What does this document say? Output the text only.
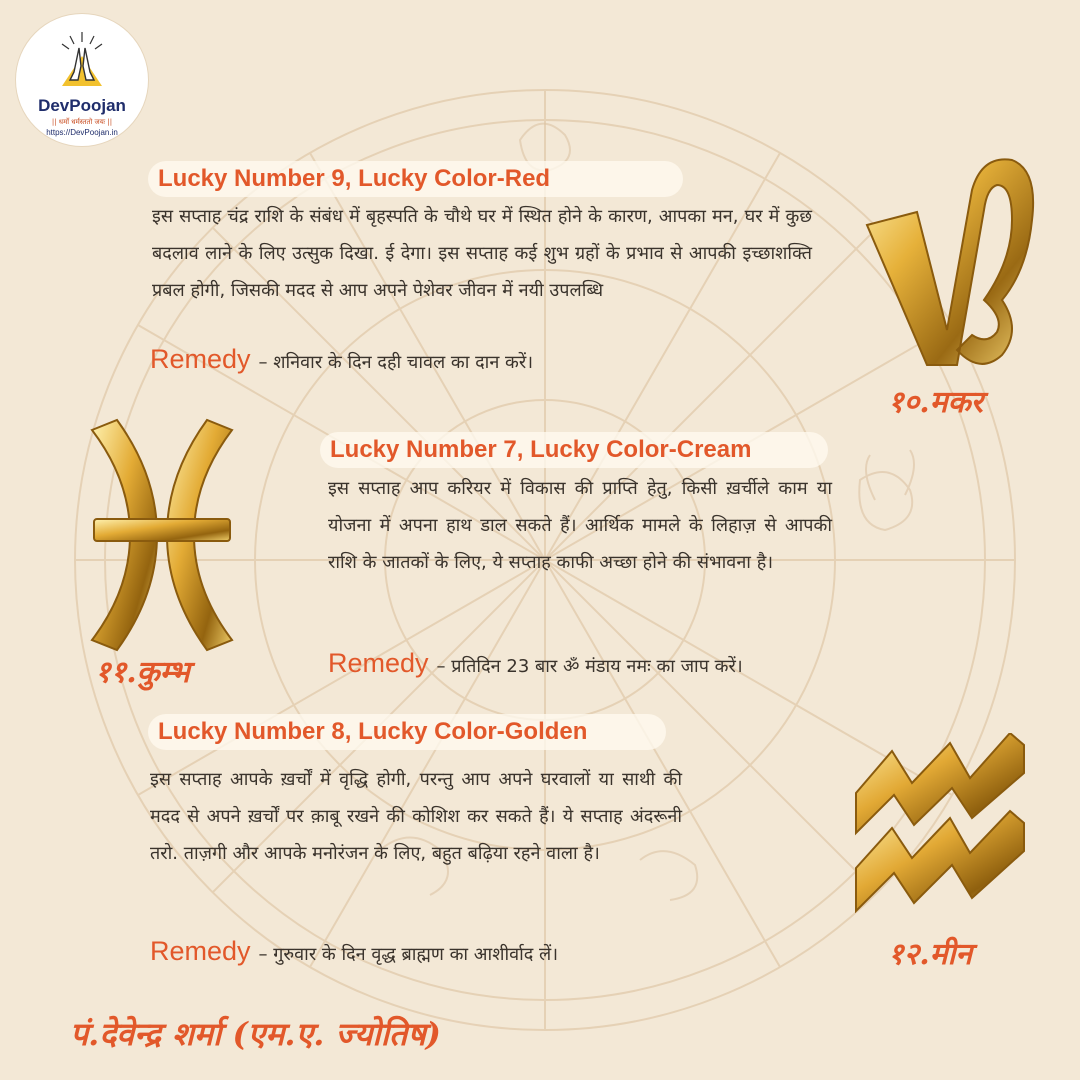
DevPoojan
|| धर्मो धर्मस्ततो जयः ||
https://DevPoojan.in
Lucky Number 9, Lucky Color-Red
इस सप्ताह चंद्र राशि के संबंध में बृहस्पति के चौथे घर में स्थित होने के कारण, आपका मन, घर में कुछ बदलाव लाने के लिए उत्सुक दिखा. ई देगा। इस सप्ताह कई शुभ ग्रहों के प्रभाव से आपकी इच्छाशक्ति प्रबल होगी, जिसकी मदद से आप अपने पेशेवर जीवन में नयी उपलब्धि
Remedy – शनिवार के दिन दही चावल का दान करें।
१०.मकर
Lucky Number 7, Lucky Color-Cream
इस सप्ताह आप करियर में विकास की प्राप्ति हेतु, किसी ख़र्चीले काम या योजना में अपना हाथ डाल सकते हैं। आर्थिक मामले के लिहाज़ से आपकी राशि के जातकों के लिए, ये सप्ताह काफी अच्छा होने की संभावना है।
Remedy – प्रतिदिन 23 बार ॐ मंडाय नमः का जाप करें।
११.कुम्भ
Lucky Number 8, Lucky Color-Golden
इस सप्ताह आपके ख़र्चों में वृद्धि होगी, परन्तु आप अपने घरवालों या साथी की मदद से अपने ख़र्चों पर क़ाबू रखने की कोशिश कर सकते हैं। ये सप्ताह अंदरूनी तरो. ताज़गी और आपके मनोरंजन के लिए, बहुत बढ़िया रहने वाला है।
Remedy – गुरुवार के दिन वृद्ध ब्राह्मण का आशीर्वाद लें।	१२.मीन
पं.देवेन्द्र शर्मा (एम.ए. ज्योतिष)
